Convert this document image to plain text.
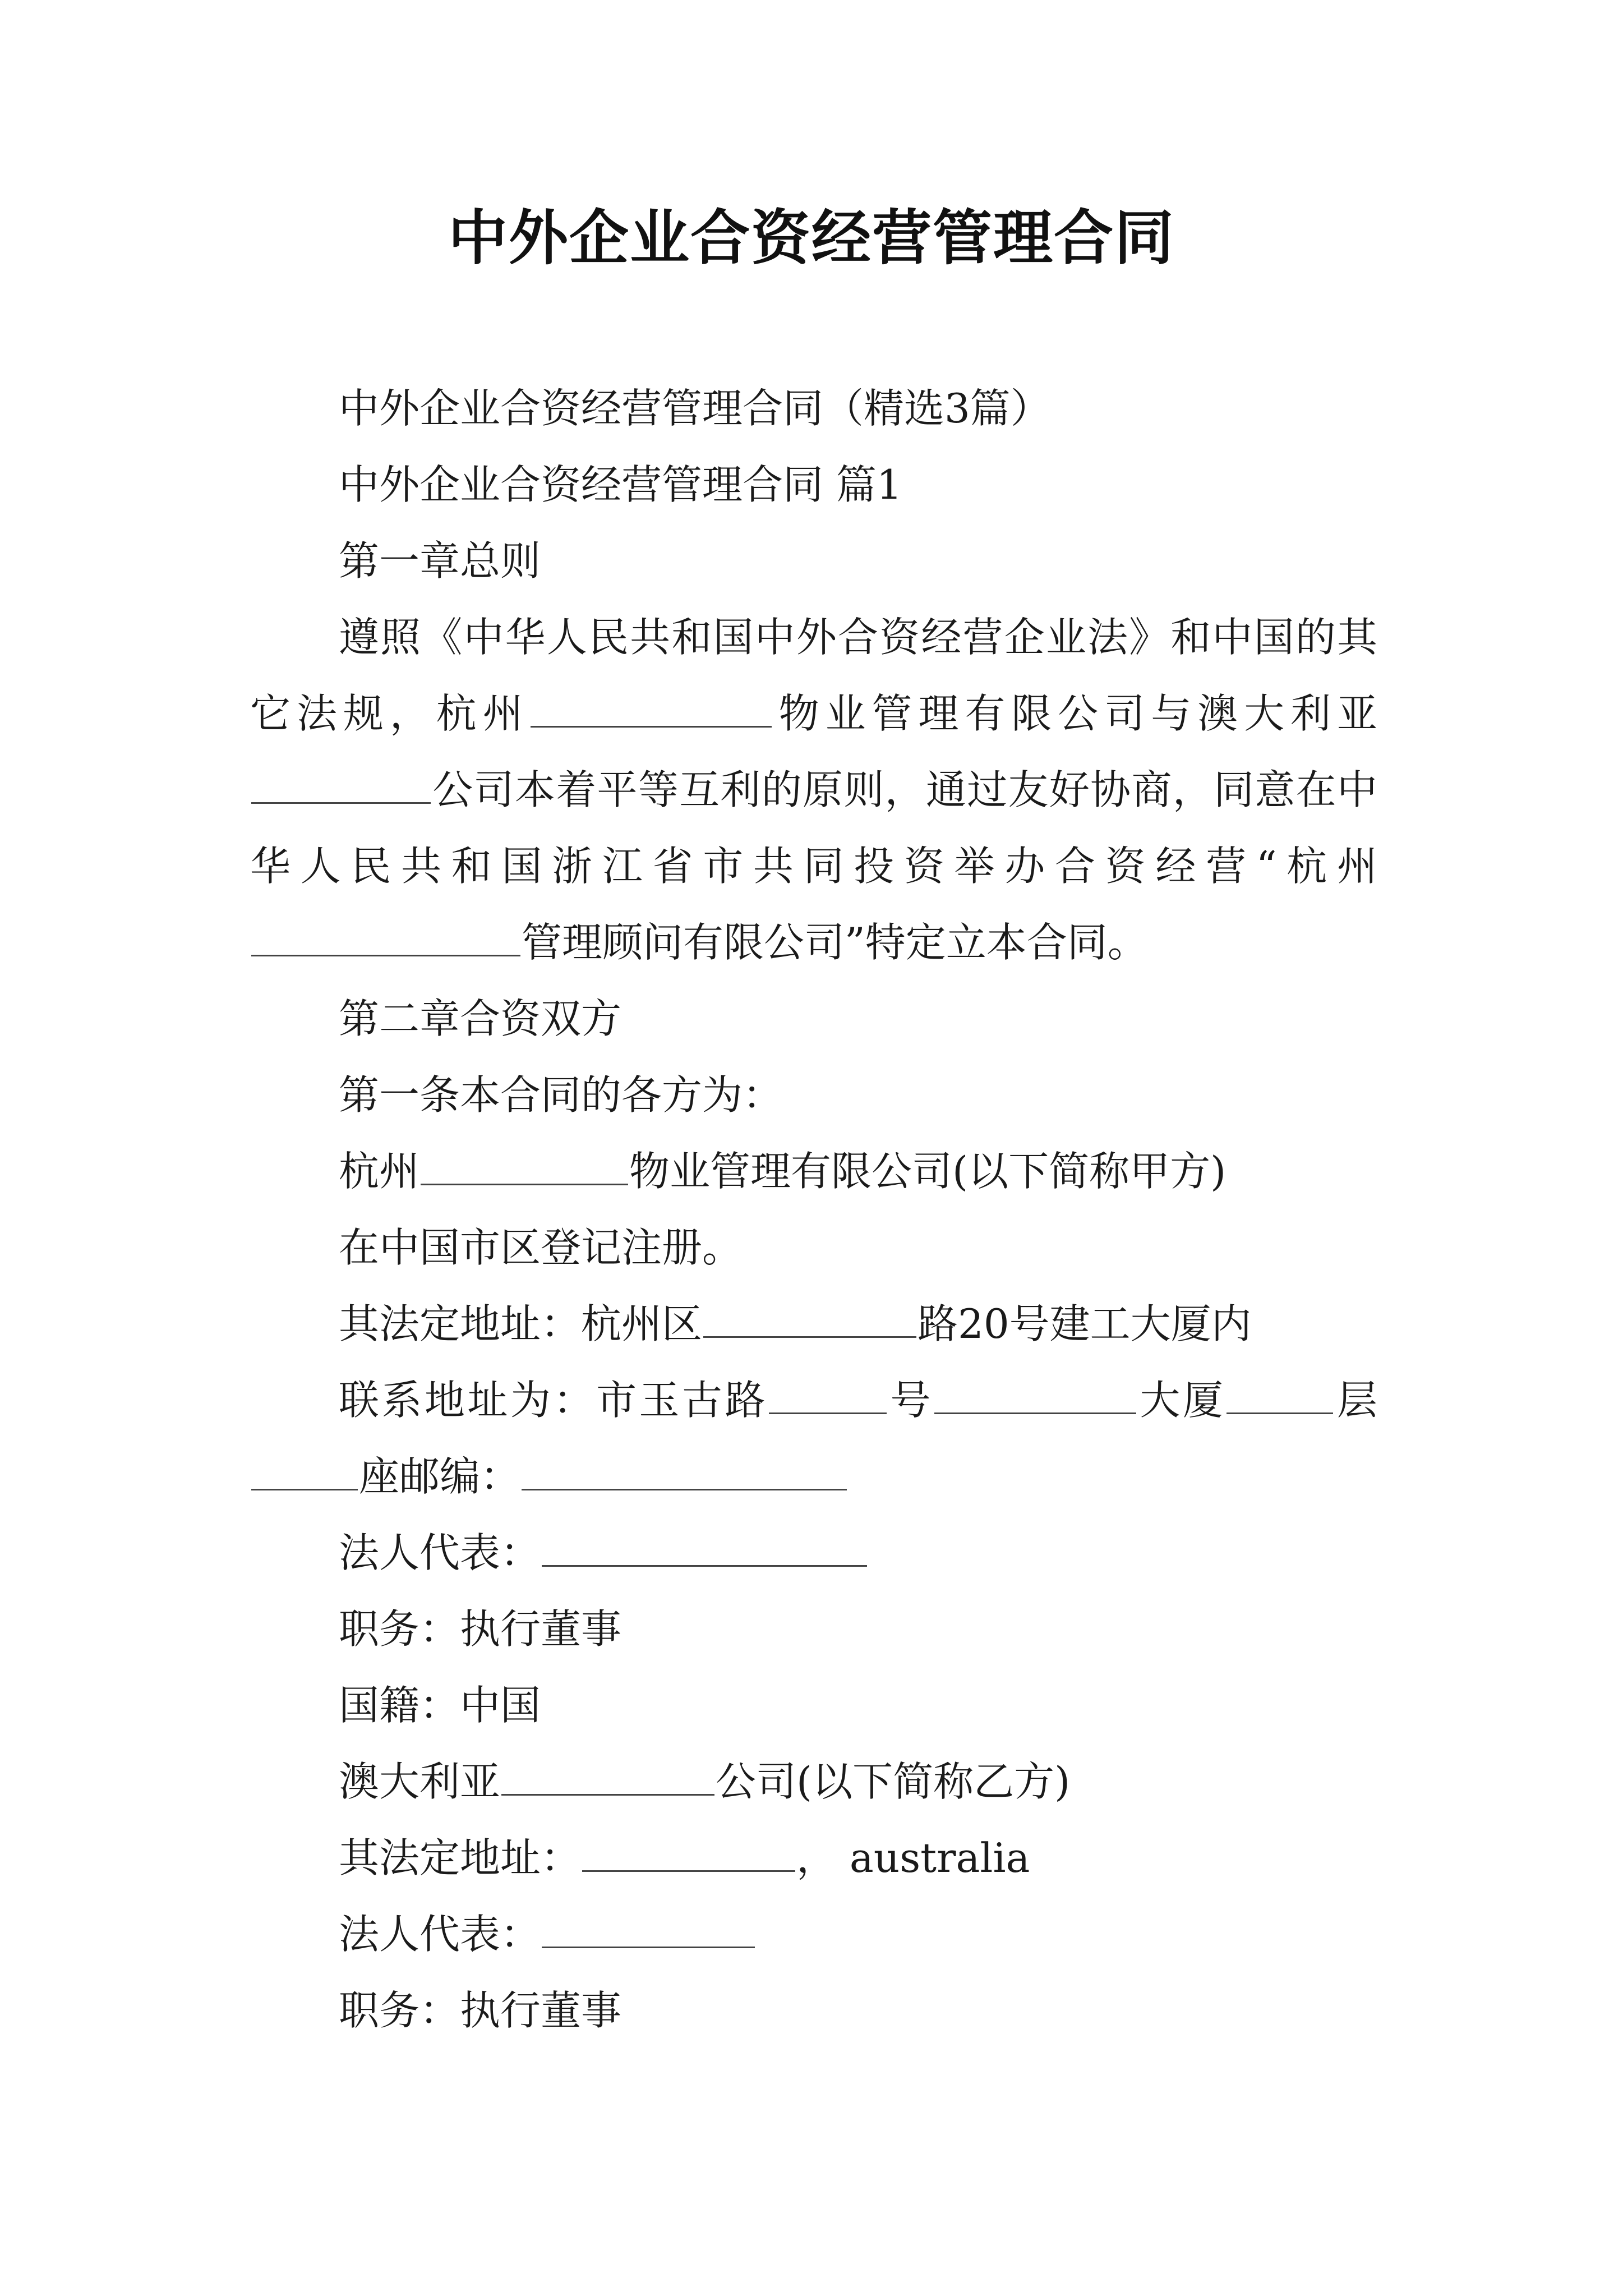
中外企业合资经营管理合同
中外企业合资经营管理合同（精选3篇）
中外企业合资经营管理合同 篇1
第一章总则
遵照《中华人民共和国中外合资经营企业法》和中国的其它法规，杭州	物业管理有限公司与澳大利亚公司本着平等互利的原则，通过友好协商，同意在中华人民共和国浙江省市共同投资举办合资经营“杭州管理顾问有限公司”特定立本合同。
第二章合资双方
第一条本合同的各方为：
杭州	物业管理有限公司(以下简称甲方)
在中国市区登记注册。
其法定地址：杭州区	路20号建工大厦内
联系地址为：市玉古路	号	大厦	层座邮编：
法人代表：
职务：执行董事
国籍：中国
澳大利亚	公司(以下简称乙方)
其法定地址：	， australia
法人代表：
职务：执行董事
